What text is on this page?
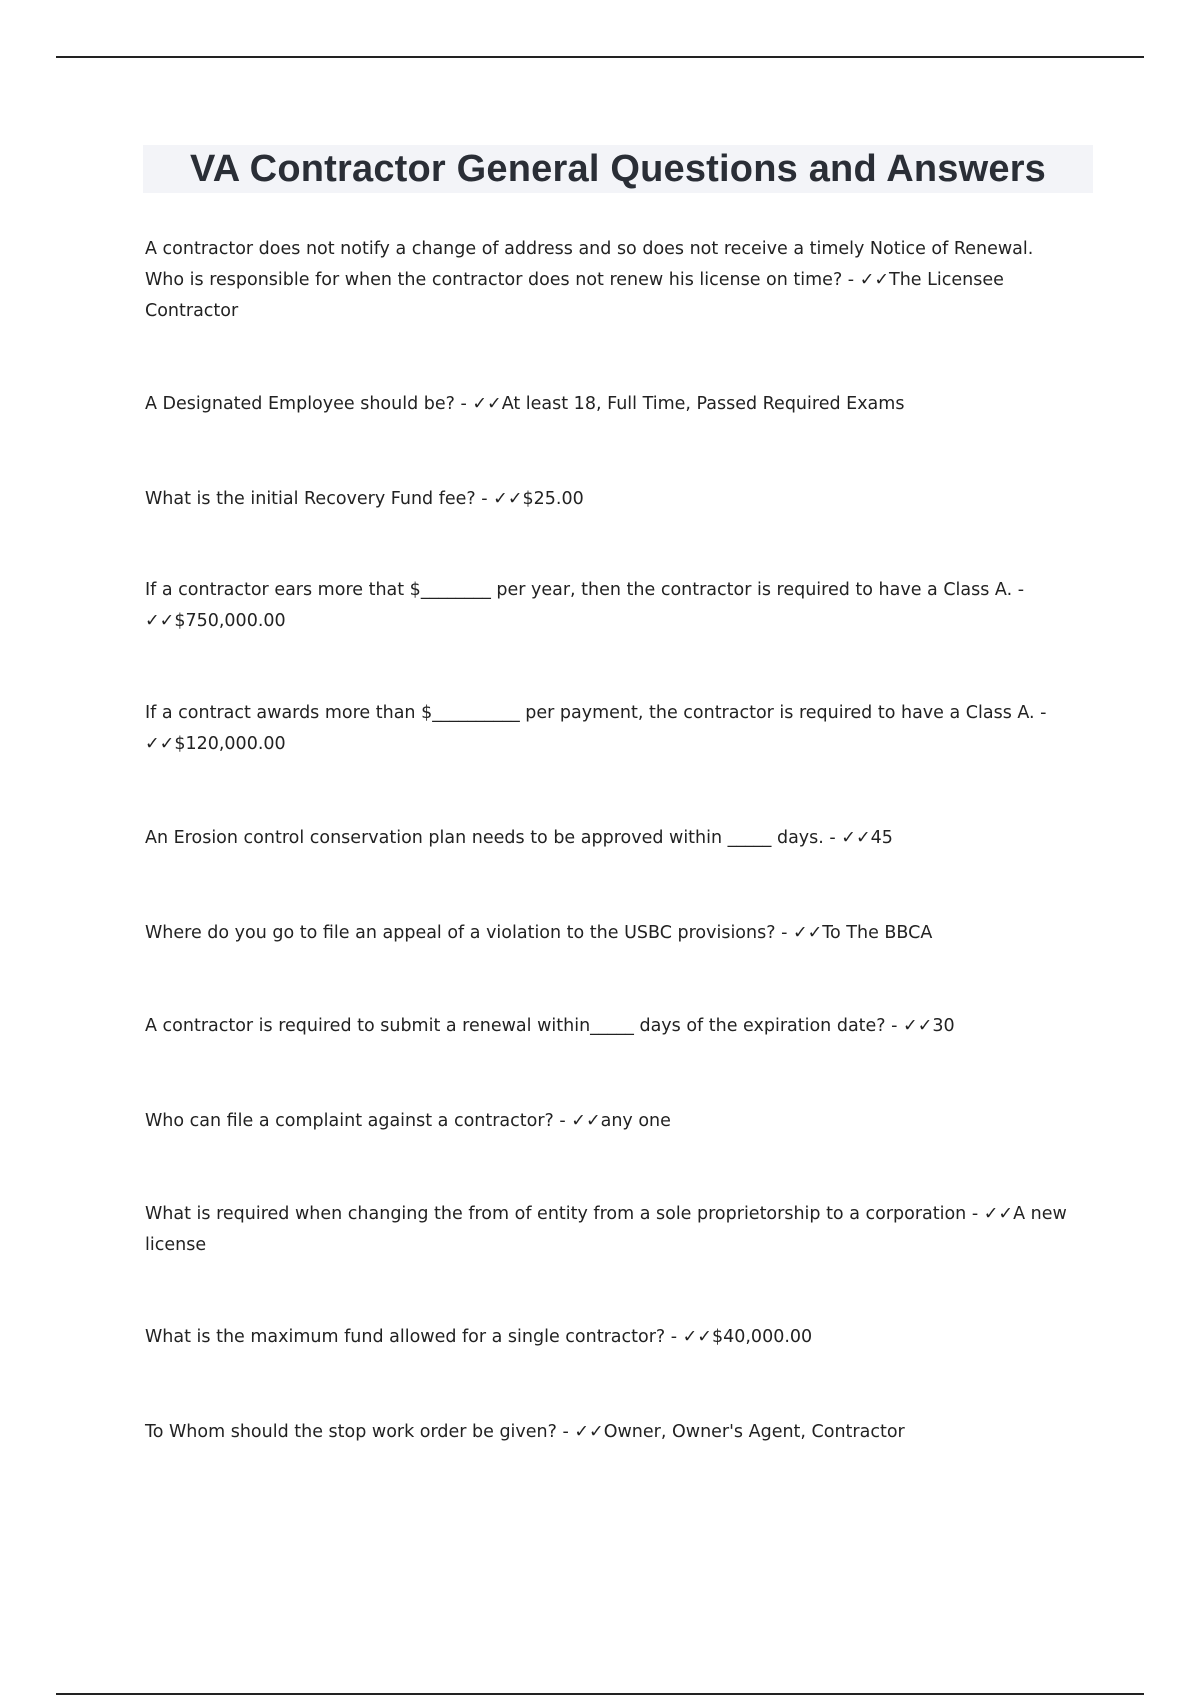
VA Contractor General Questions and Answers
A contractor does not notify a change of address and so does not receive a timely Notice of Renewal. Who is responsible for when the contractor does not renew his license on time? - ✓✓The Licensee Contractor
A Designated Employee should be? - ✓✓At least 18, Full Time, Passed Required Exams
What is the initial Recovery Fund fee? - ✓✓$25.00
If a contractor ears more that $________ per year, then the contractor is required to have a Class A. - ✓✓$750,000.00
If a contract awards more than $__________ per payment, the contractor is required to have a Class A. - ✓✓$120,000.00
An Erosion control conservation plan needs to be approved within _____ days. - ✓✓45
Where do you go to file an appeal of a violation to the USBC provisions? - ✓✓To The BBCA
A contractor is required to submit a renewal within_____ days of the expiration date? - ✓✓30
Who can file a complaint against a contractor? - ✓✓any one
What is required when changing the from of entity from a sole proprietorship to a corporation - ✓✓A new license
What is the maximum fund allowed for a single contractor? - ✓✓$40,000.00
To Whom should the stop work order be given? - ✓✓Owner, Owner's Agent, Contractor
